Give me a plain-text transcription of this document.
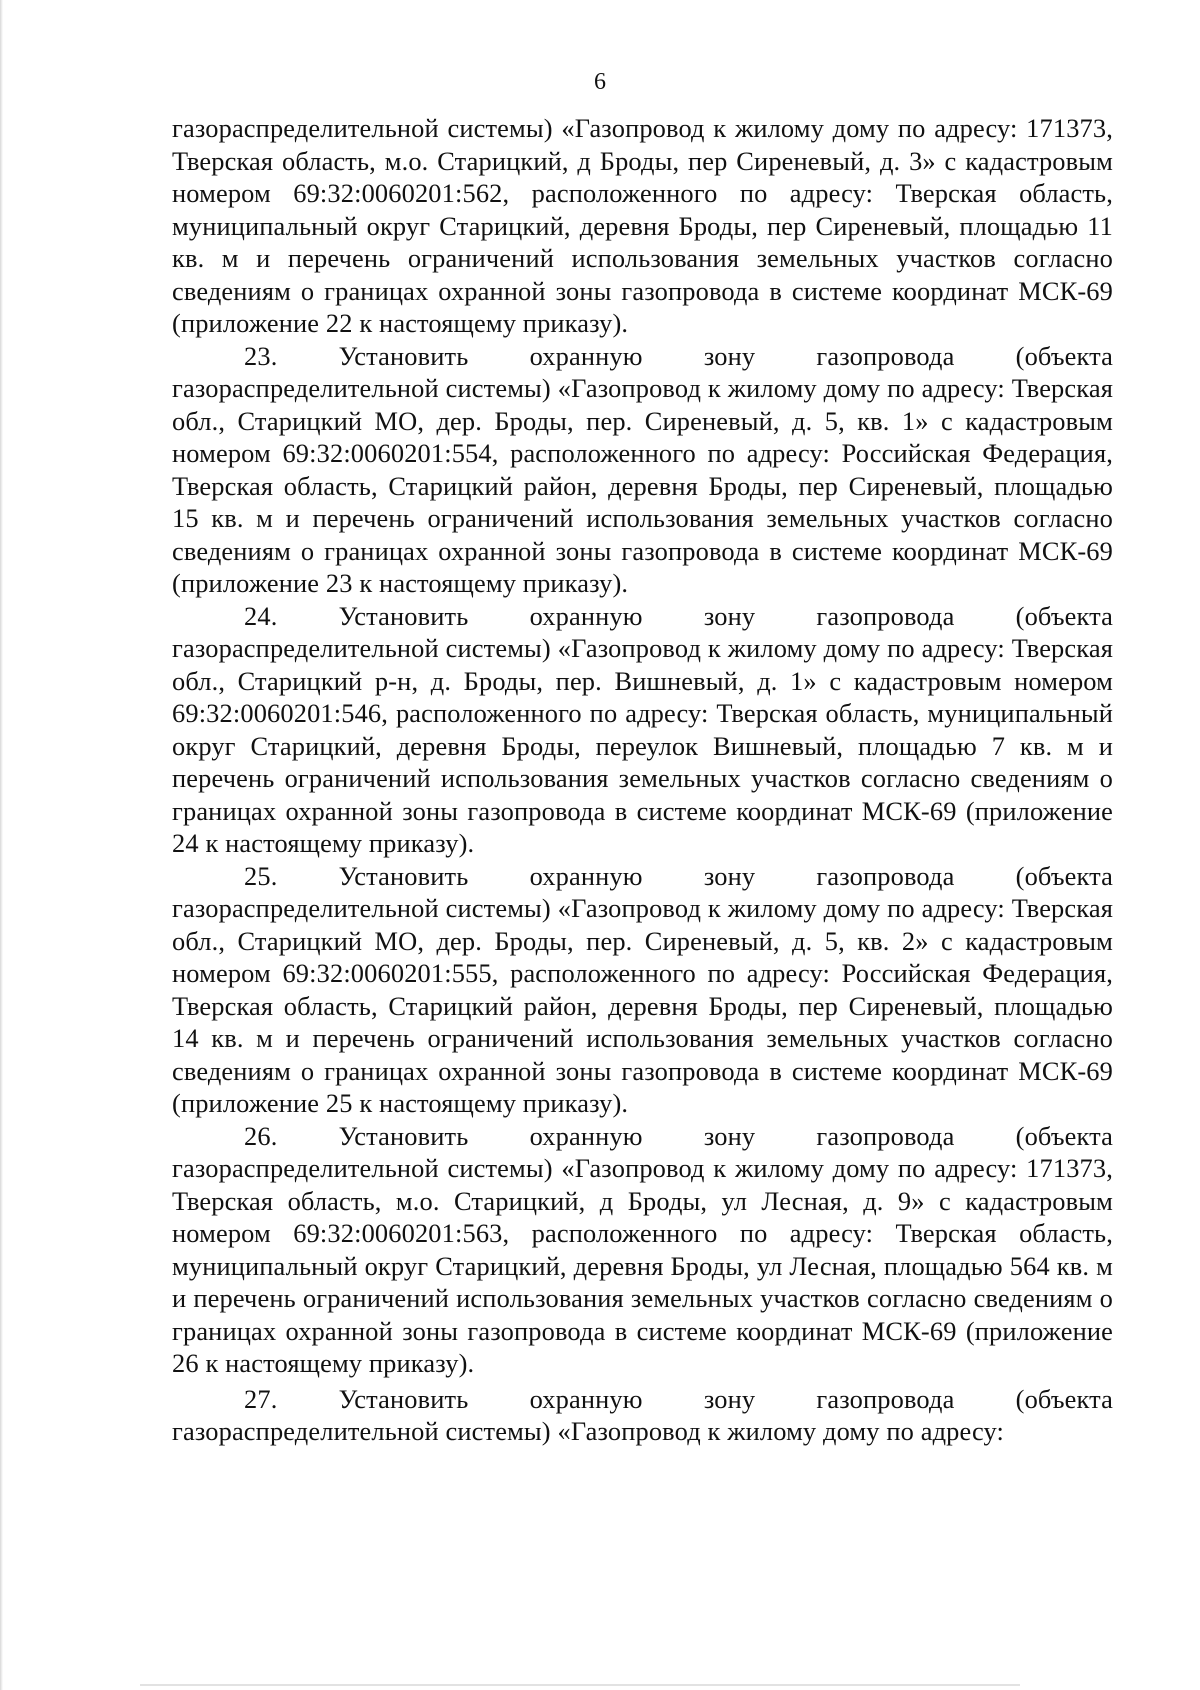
6

газораспределительной системы) «Газопровод к жилому дому по адресу: 171373, Тверская область, м.о. Старицкий, д Броды, пер Сиреневый, д. 3» с кадастровым номером 69:32:0060201:562, расположенного по адресу: Тверская область, муниципальный округ Старицкий, деревня Броды, пер Сиреневый, площадью 11 кв. м и перечень ограничений использования земельных участков согласно сведениям о границах охранной зоны газопровода в системе координат МСК-69 (приложение 22 к настоящему приказу).

23. Установить охранную зону газопровода (объекта газораспределительной системы) «Газопровод к жилому дому по адресу: Тверская обл., Старицкий МО, дер. Броды, пер. Сиреневый, д. 5, кв. 1» с кадастровым номером 69:32:0060201:554, расположенного по адресу: Российская Федерация, Тверская область, Старицкий район, деревня Броды, пер Сиреневый, площадью 15 кв. м и перечень ограничений использования земельных участков согласно сведениям о границах охранной зоны газопровода в системе координат МСК-69 (приложение 23 к настоящему приказу).

24. Установить охранную зону газопровода (объекта газораспределительной системы) «Газопровод к жилому дому по адресу: Тверская обл., Старицкий р-н, д. Броды, пер. Вишневый, д. 1» с кадастровым номером 69:32:0060201:546, расположенного по адресу: Тверская область, муниципальный округ Старицкий, деревня Броды, переулок Вишневый, площадью 7 кв. м и перечень ограничений использования земельных участков согласно сведениям о границах охранной зоны газопровода в системе координат МСК-69 (приложение 24 к настоящему приказу).

25. Установить охранную зону газопровода (объекта газораспределительной системы) «Газопровод к жилому дому по адресу: Тверская обл., Старицкий МО, дер. Броды, пер. Сиреневый, д. 5, кв. 2» с кадастровым номером 69:32:0060201:555, расположенного по адресу: Российская Федерация, Тверская область, Старицкий район, деревня Броды, пер Сиреневый, площадью 14 кв. м и перечень ограничений использования земельных участков согласно сведениям о границах охранной зоны газопровода в системе координат МСК-69 (приложение 25 к настоящему приказу).

26. Установить охранную зону газопровода (объекта газораспределительной системы) «Газопровод к жилому дому по адресу: 171373, Тверская область, м.о. Старицкий, д Броды, ул Лесная, д. 9» с кадастровым номером 69:32:0060201:563, расположенного по адресу: Тверская область, муниципальный округ Старицкий, деревня Броды, ул Лесная, площадью 564 кв. м и перечень ограничений использования земельных участков согласно сведениям о границах охранной зоны газопровода в системе координат МСК-69 (приложение 26 к настоящему приказу).

27. Установить охранную зону газопровода (объекта газораспределительной системы) «Газопровод к жилому дому по адресу:
